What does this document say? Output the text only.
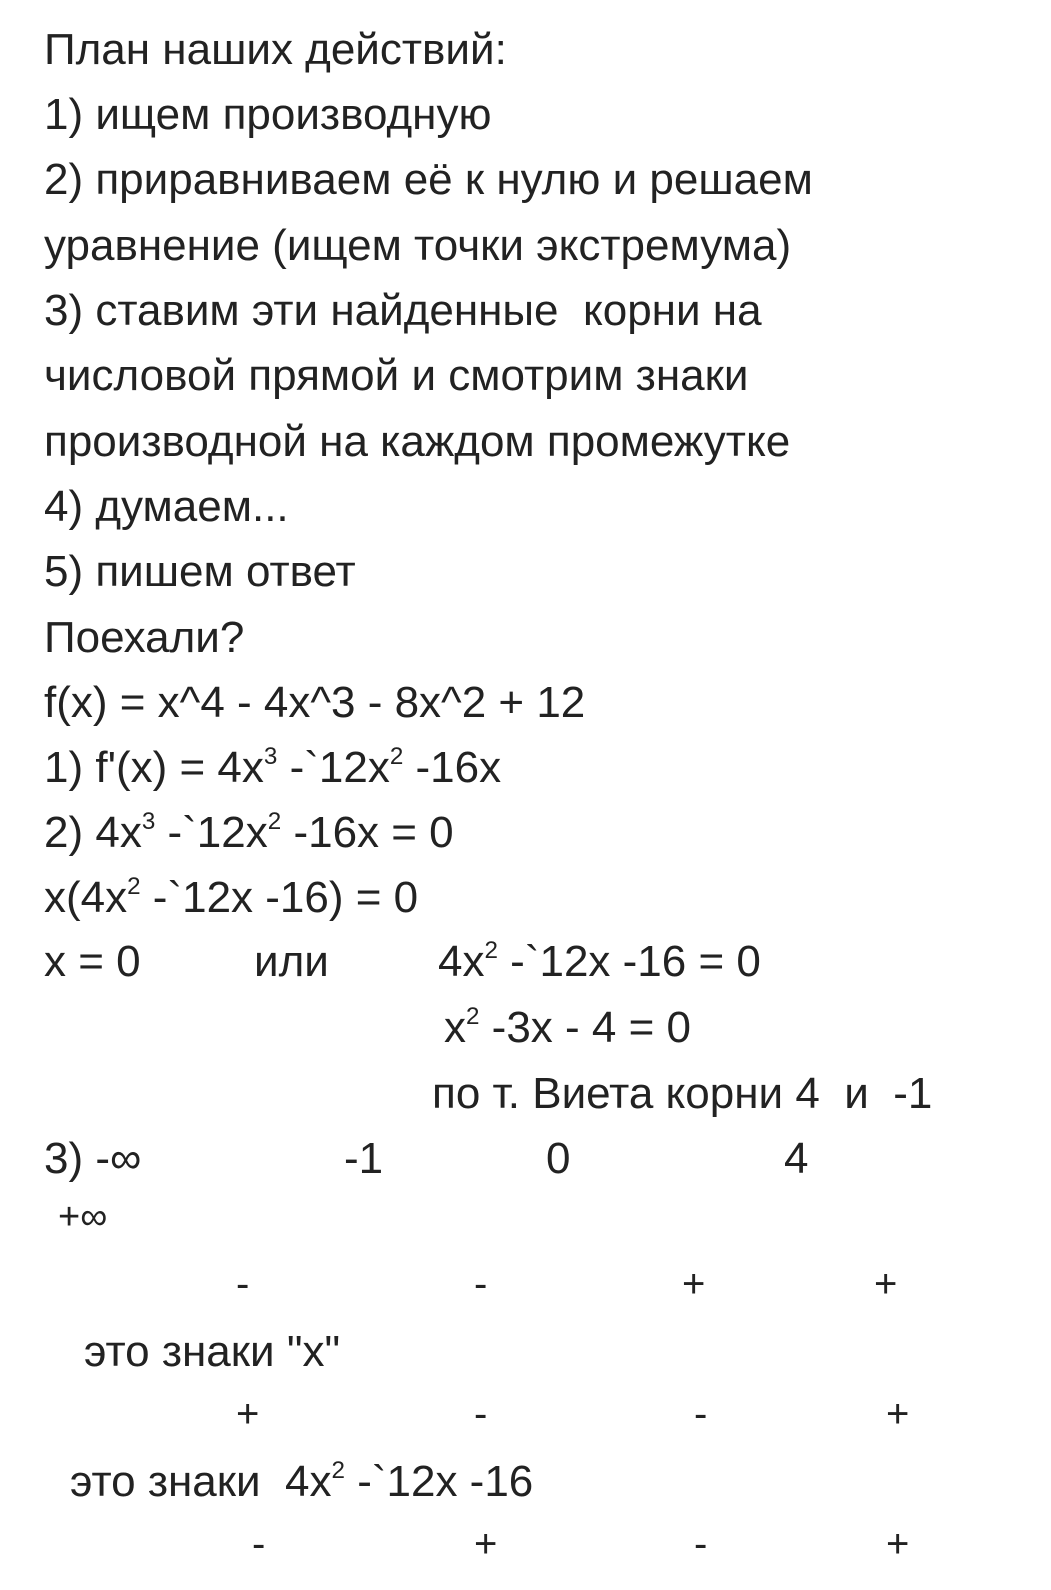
План наших действий:
1) ищем производную
2) приравниваем её к нулю и решаем
уравнение (ищем точки экстремума)
3) ставим эти найденные  корни на
числовой прямой и смотрим знаки
производной на каждом промежутке
4) думаем...
5) пишем ответ
Поехали?
f(x) = x^4 - 4x^3 - 8x^2 + 12
1) $f'(x) = 4x^3$ $-`12x^2$ -16x
2) $4x^3$ $-`12x^2$ -16x = 0
$x(4x^2$ -`12x -16) = 0
x = 0	или $4x^2$ -`12x -16 = 0
$x^2$ -3x - 4 = 0
по т. Виета корни 4  и  -1
3) -∞	-1	0	4
+∞
-	-	+	+
это знаки "x"
+	-	-	+
это знаки  $4x^2$ -`12x -16
-	+	-	+
